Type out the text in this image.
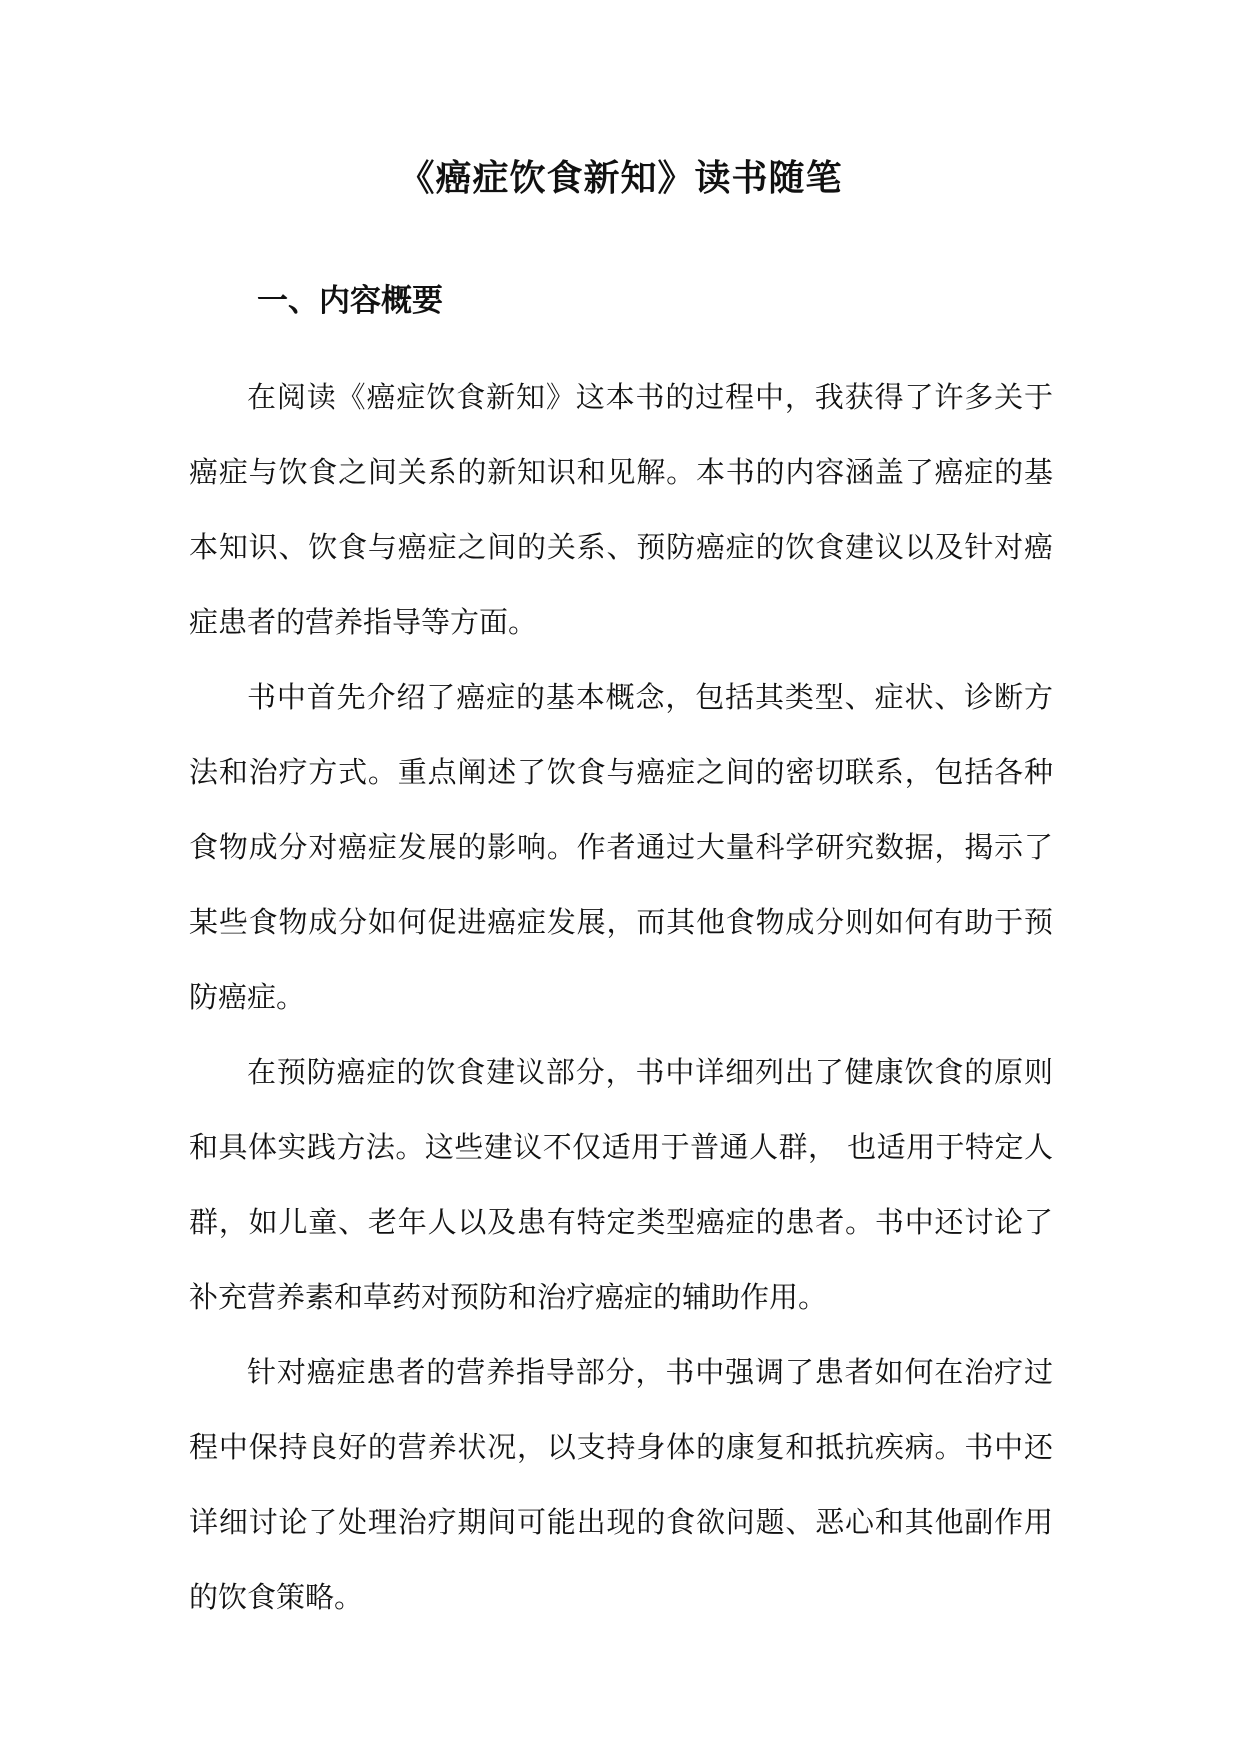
《癌症饮食新知》读书随笔
一、内容概要

在阅读《癌症饮食新知》这本书的过程中，我获得了许多关于癌症与饮食之间关系的新知识和见解。本书的内容涵盖了癌症的基本知识、饮食与癌症之间的关系、预防癌症的饮食建议以及针对癌症患者的营养指导等方面。

书中首先介绍了癌症的基本概念，包括其类型、症状、诊断方法和治疗方式。重点阐述了饮食与癌症之间的密切联系，包括各种食物成分对癌症发展的影响。作者通过大量科学研究数据，揭示了某些食物成分如何促进癌症发展，而其他食物成分则如何有助于预防癌症。

在预防癌症的饮食建议部分，书中详细列出了健康饮食的原则和具体实践方法。这些建议不仅适用于普通人群， 也适用于特定人群，如儿童、老年人以及患有特定类型癌症的患者。书中还讨论了补充营养素和草药对预防和治疗癌症的辅助作用。

针对癌症患者的营养指导部分，书中强调了患者如何在治疗过程中保持良好的营养状况，以支持身体的康复和抵抗疾病。书中还详细讨论了处理治疗期间可能出现的食欲问题、恶心和其他副作用的饮食策略。
